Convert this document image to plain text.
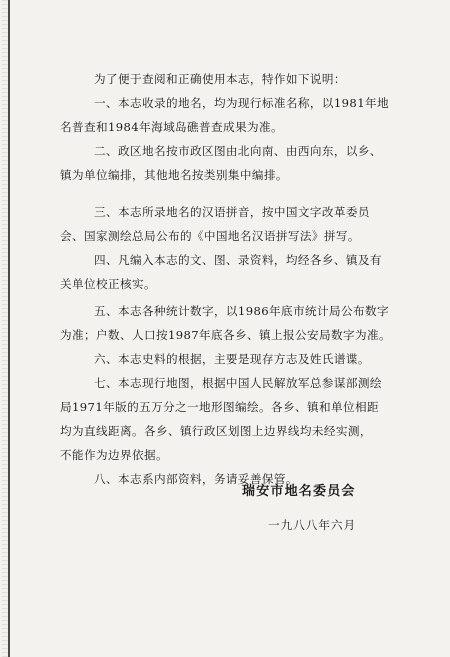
为了便于查阅和正确使用本志，特作如下说明：
一、本志收录的地名，均为现行标准名称，以1981年地
名普查和1984年海域岛礁普查成果为准。
二、政区地名按市政区图由北向南、由西向东，以乡、
镇为单位编排，其他地名按类别集中编排。
三、本志所录地名的汉语拼音，按中国文字改革委员
会、国家测绘总局公布的《中国地名汉语拼写法》拼写。
四、凡编入本志的文、图、录资料，均经各乡、镇及有
关单位校正核实。
五、本志各种统计数字，以1986年底市统计局公布数字
为准；户数、人口按1987年底各乡、镇上报公安局数字为准。
六、本志史料的根据，主要是现存方志及姓氏谱谍。
七、本志现行地图，根据中国人民解放军总参谋部测绘
局1971年版的五万分之一地形图编绘。各乡、镇和单位相距
均为直线距离。各乡、镇行政区划图上边界线均未经实测，
不能作为边界依据。
八、本志系内部资料，务请妥善保管。
瑞安市地名委员会
一九八八年六月
